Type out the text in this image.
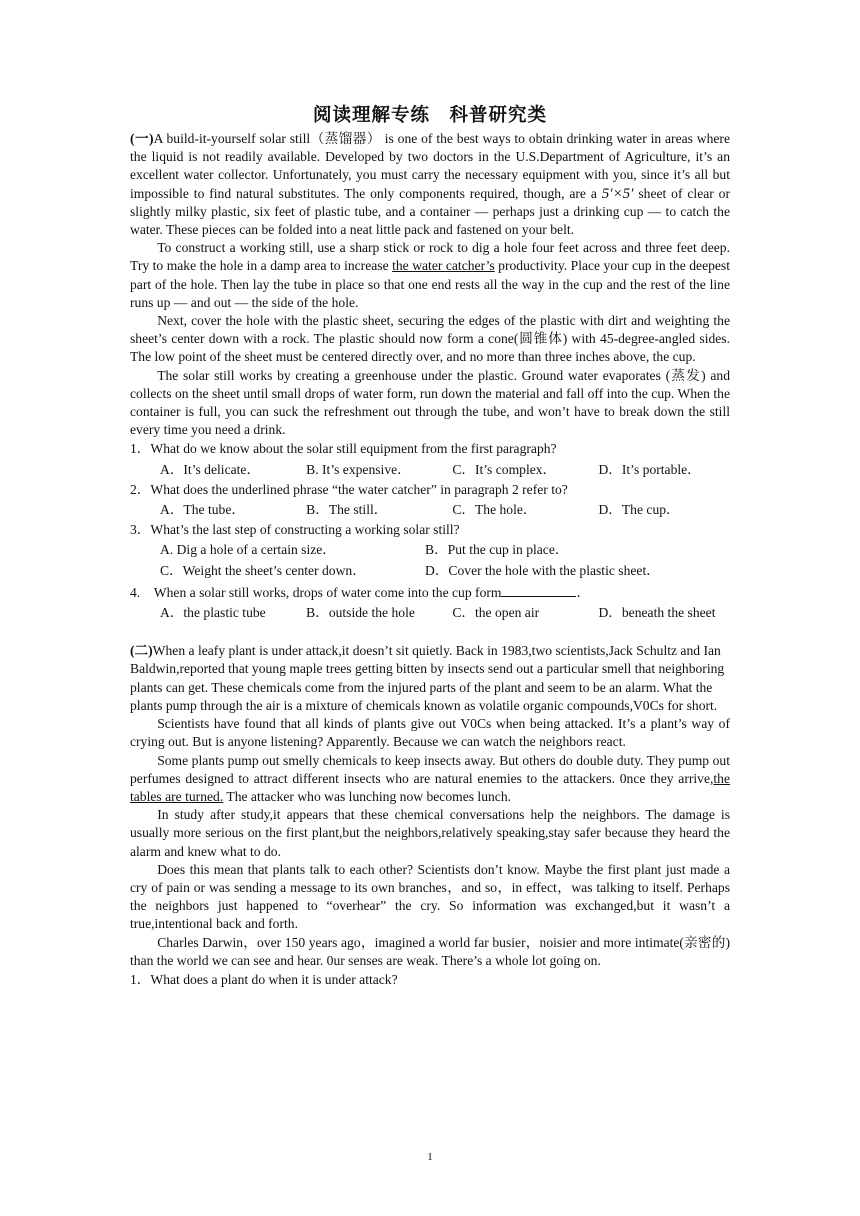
阅读理解专练　科普研究类

(一)A build-it-yourself solar still（蒸馏器） is one of the best ways to obtain drinking water in areas where the liquid is not readily available. Developed by two doctors in the U.S.Department of Agriculture, it’s an excellent water collector. Unfortunately, you must carry the necessary equipment with you, since it’s all but impossible to find natural substitutes. The only components required, though, are a 5′×5′ sheet of clear or slightly milky plastic, six feet of plastic tube, and a container — perhaps just a drinking cup — to catch the water. These pieces can be folded into a neat little pack and fastened on your belt.

To construct a working still, use a sharp stick or rock to dig a hole four feet across and three feet deep. Try to make the hole in a damp area to increase the water catcher’s productivity. Place your cup in the deepest part of the hole. Then lay the tube in place so that one end rests all the way in the cup and the rest of the line runs up — and out — the side of the hole.

Next, cover the hole with the plastic sheet, securing the edges of the plastic with dirt and weighting the sheet’s center down with a rock. The plastic should now form a cone(圆锥体) with 45-degree-angled sides. The low point of the sheet must be centered directly over, and no more than three inches above, the cup.

The solar still works by creating a greenhouse under the plastic. Ground water evaporates (蒸发) and collects on the sheet until small drops of water form, run down the material and fall off into the cup. When the container is full, you can suck the refreshment out through the tube, and won’t have to break down the still every time you need a drink.

1．What do we know about the solar still equipment from the first paragraph?
A．It’s delicate．	B. It’s expensive．	C．It’s complex．	D．It’s portable．
2．What does the underlined phrase “the water catcher” in paragraph 2 refer to?
A．The tube．	B．The still．	C．The hole．	D．The cup．
3．What’s the last step of constructing a working solar still?
A. Dig a hole of a certain size．	B．Put the cup in place．
C．Weight the sheet’s center down．	D．Cover the hole with the plastic sheet．
4.　When a solar still works, drops of water come into the cup form	．
A．the plastic tube	B．outside the hole	C．the open air	D．beneath the sheet

(二)When a leafy plant is under attack,it doesn’t sit quietly. Back in 1983,two scientists,Jack Schultz and Ian Baldwin,reported that young maple trees getting bitten by insects send out a particular smell that neighboring plants can get. These chemicals come from the injured parts of the plant and seem to be an alarm. What the plants pump through the air is a mixture of chemicals known as volatile organic compounds,V0Cs for short.

Scientists have found that all kinds of plants give out V0Cs when being attacked. It’s a plant’s way of crying out. But is anyone listening? Apparently. Because we can watch the neighbors react.

Some plants pump out smelly chemicals to keep insects away. But others do double duty. They pump out perfumes designed to attract different insects who are natural enemies to the attackers. 0nce they arrive,the tables are turned. The attacker who was lunching now becomes lunch.

In study after study,it appears that these chemical conversations help the neighbors. The damage is usually more serious on the first plant,but the neighbors,relatively speaking,stay safer because they heard the alarm and knew what to do.

Does this mean that plants talk to each other? Scientists don’t know. Maybe the first plant just made a cry of pain or was sending a message to its own branches，and so，in effect，was talking to itself. Perhaps the neighbors just happened to “overhear” the cry. So information was exchanged,but it wasn’t a true,intentional back and forth.

Charles Darwin，over 150 years ago，imagined a world far busier，noisier and more intimate(亲密的) than the world we can see and hear. 0ur senses are weak. There’s a whole lot going on.

1．What does a plant do when it is under attack?
1
